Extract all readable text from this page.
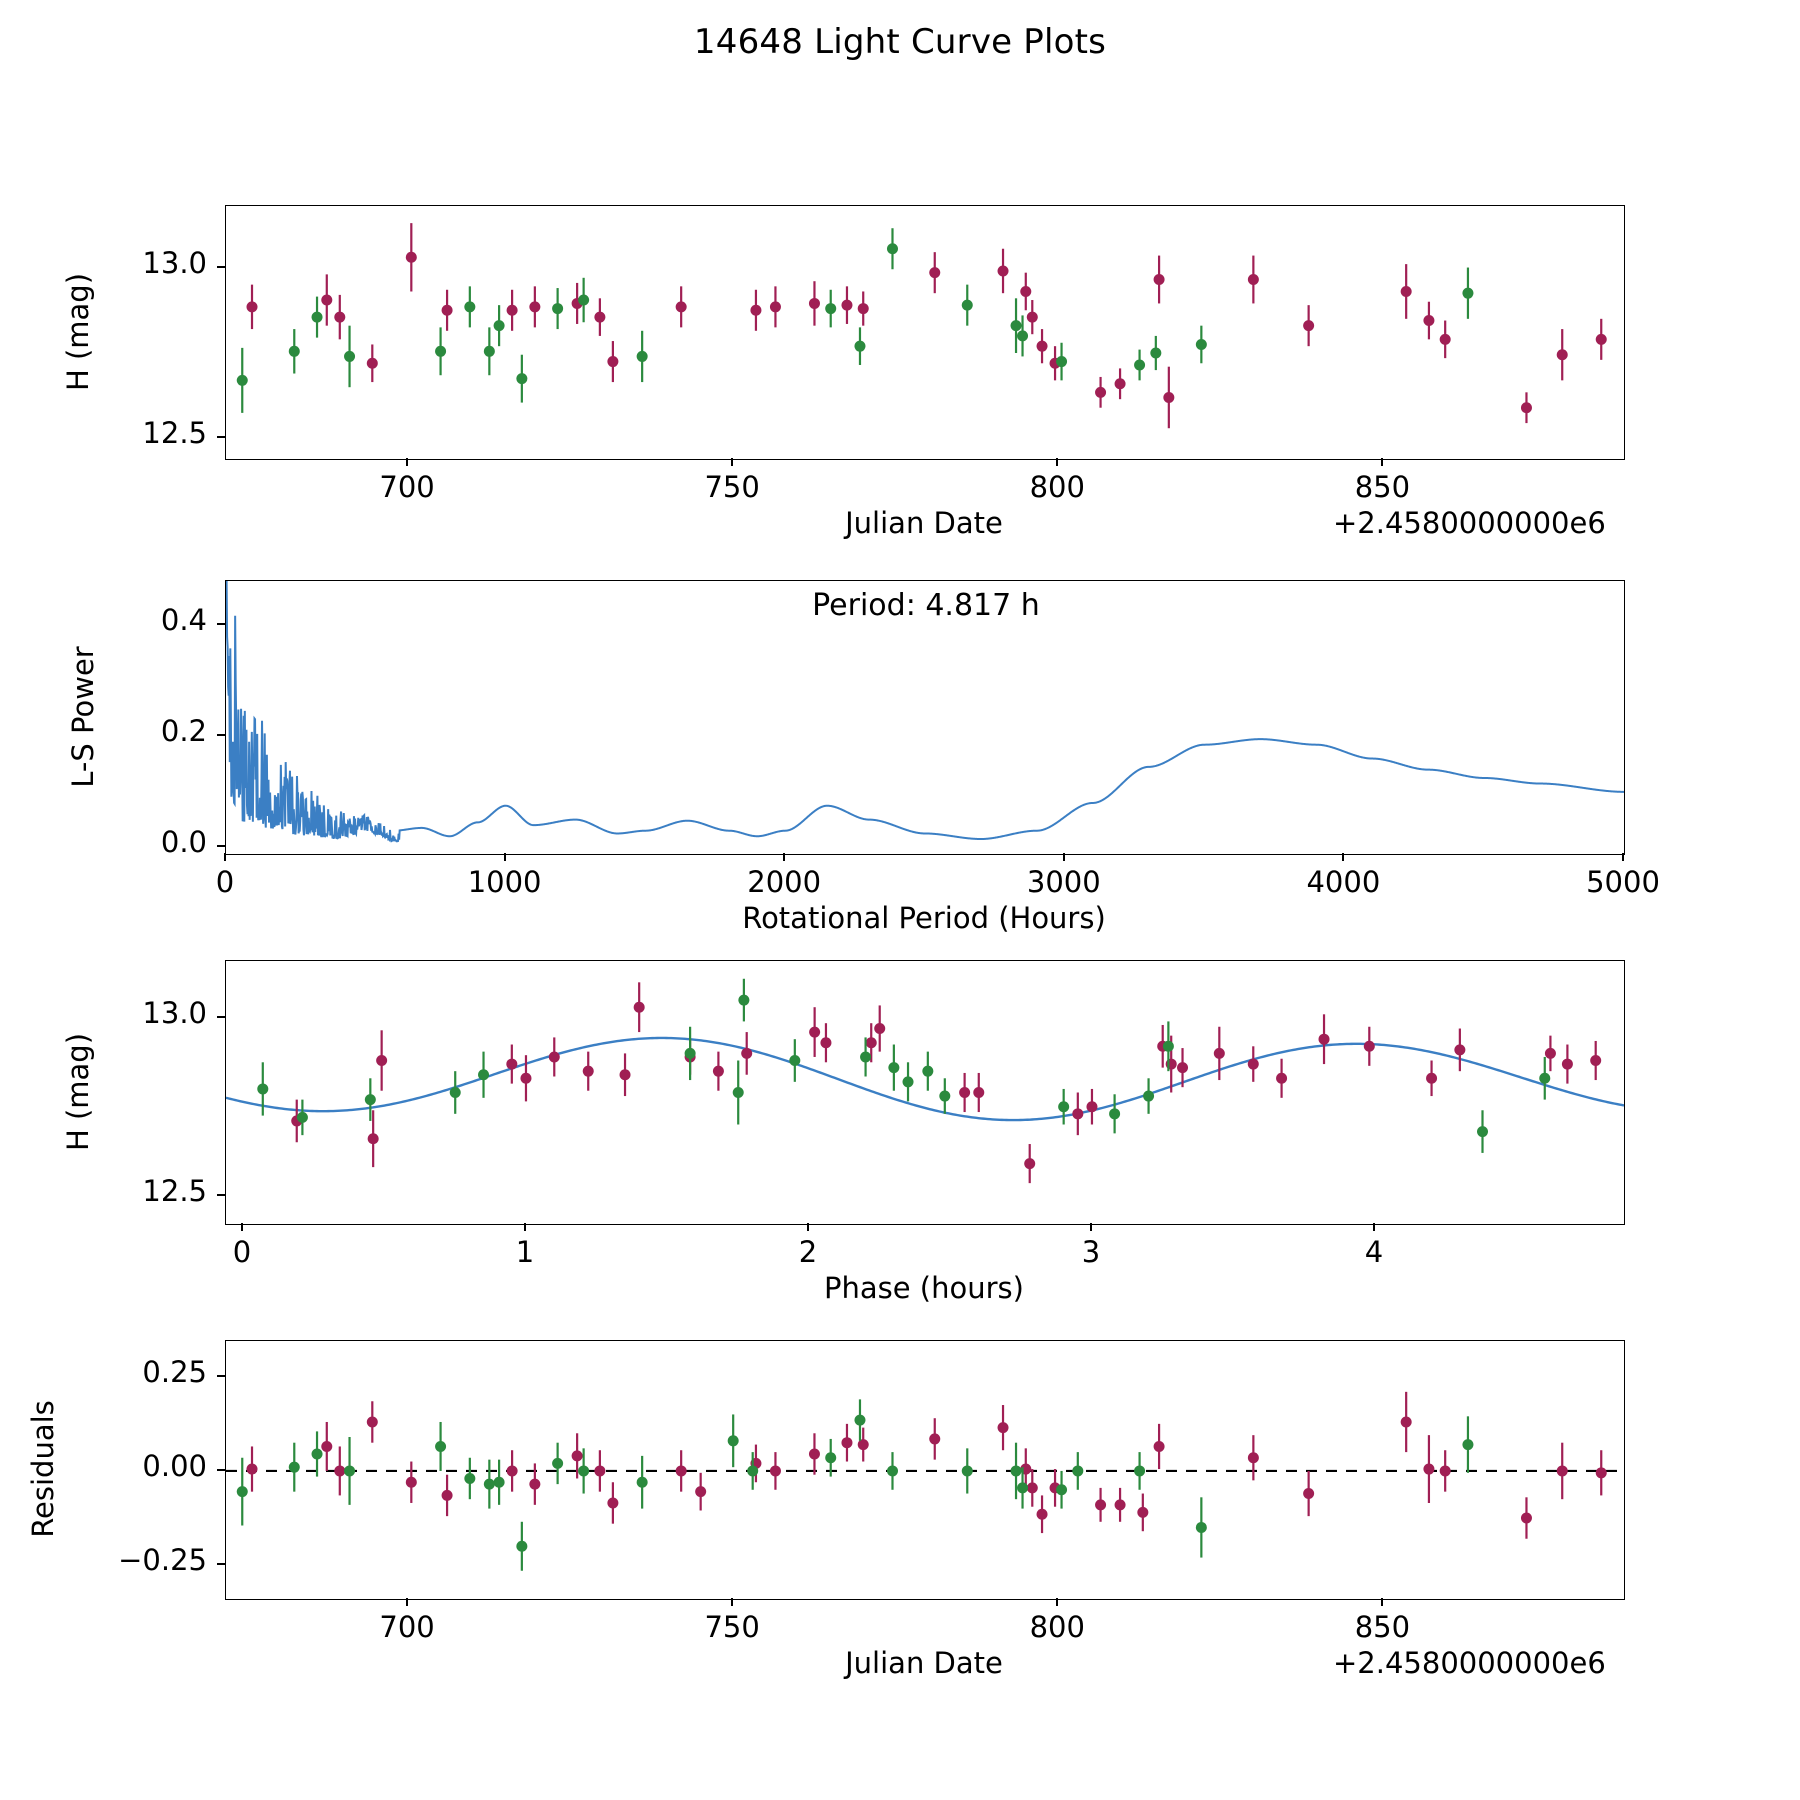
14648 Light Curve Plots
H (mag)
Julian Date	+2.4580000000e6
L-S Power
Rotational Period (Hours)
Period: 4.817 h
H (mag)
Phase (hours)
Residuals
Julian Date	+2.4580000000e6
700	750	800	850
12.5
13.0
0	1000	2000	3000	4000	5000
0.0
0.2
0.4
0	1	2	3	4
12.5
13.0
700	750	800	850
−0.25
0.00
0.25
